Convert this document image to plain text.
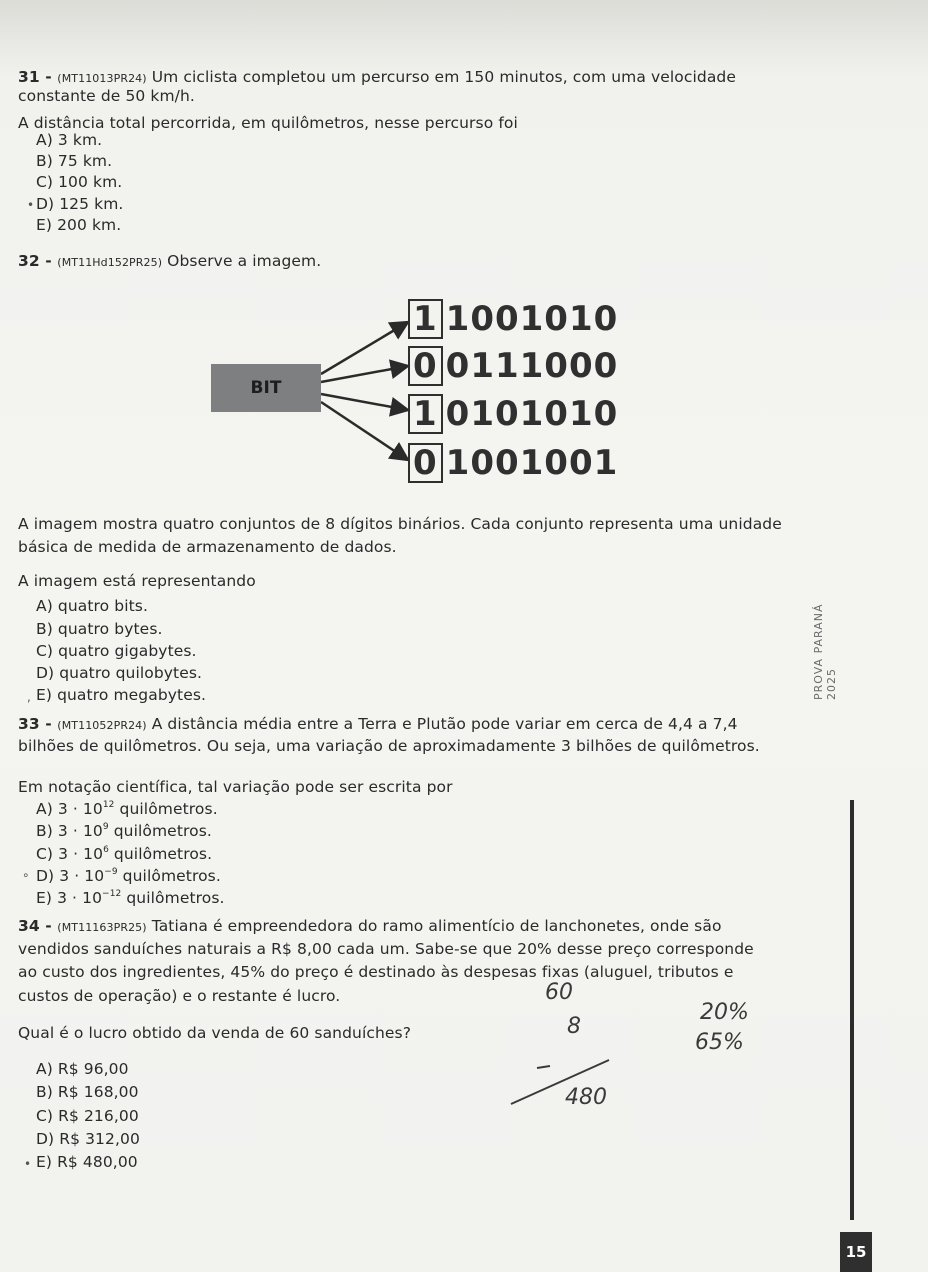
31 - (MT11013PR24) Um ciclista completou um percurso em 150 minutos, com uma velocidade
constante de 50 km/h.
A distância total percorrida, em quilômetros, nesse percurso foi
A) 3 km.
B) 75 km.
C) 100 km.
• D) 125 km.
E) 200 km.
32 - (MT11Hd152PR25) Observe a imagem.
BIT
1 1001010
0 0111000
1 0101010
0 1001001
A imagem mostra quatro conjuntos de 8 dígitos binários. Cada conjunto representa uma unidade
básica de medida de armazenamento de dados.
A imagem está representando
A) quatro bits.
B) quatro bytes.
C) quatro gigabytes.
D) quatro quilobytes.
, E) quatro megabytes.
33 - (MT11052PR24) A distância média entre a Terra e Plutão pode variar em cerca de 4,4 a 7,4
bilhões de quilômetros. Ou seja, uma variação de aproximadamente 3 bilhões de quilômetros.
Em notação científica, tal variação pode ser escrita por
A) $3 \cdot 10^{12}$ quilômetros.
B) $3 \cdot 10^9$ quilômetros.
C) $3 \cdot 10^6$ quilômetros.
∘ D) $3 \cdot 10^{-9}$ quilômetros.
E) $3 \cdot 10^{-12}$ quilômetros.
34 - (MT11163PR25) Tatiana é empreendedora do ramo alimentício de lanchonetes, onde são
vendidos sanduíches naturais a R$ 8,00 cada um. Sabe-se que 20% desse preço corresponde
ao custo dos ingredientes, 45% do preço é destinado às despesas fixas (aluguel, tributos e
custos de operação) e o restante é lucro.
Qual é o lucro obtido da venda de 60 sanduíches?
A) R$ 96,00
B) R$ 168,00
C) R$ 216,00
D) R$ 312,00
• E) R$ 480,00
60
8
480
20%
65%
PROVA PARANÁ 2025
15
